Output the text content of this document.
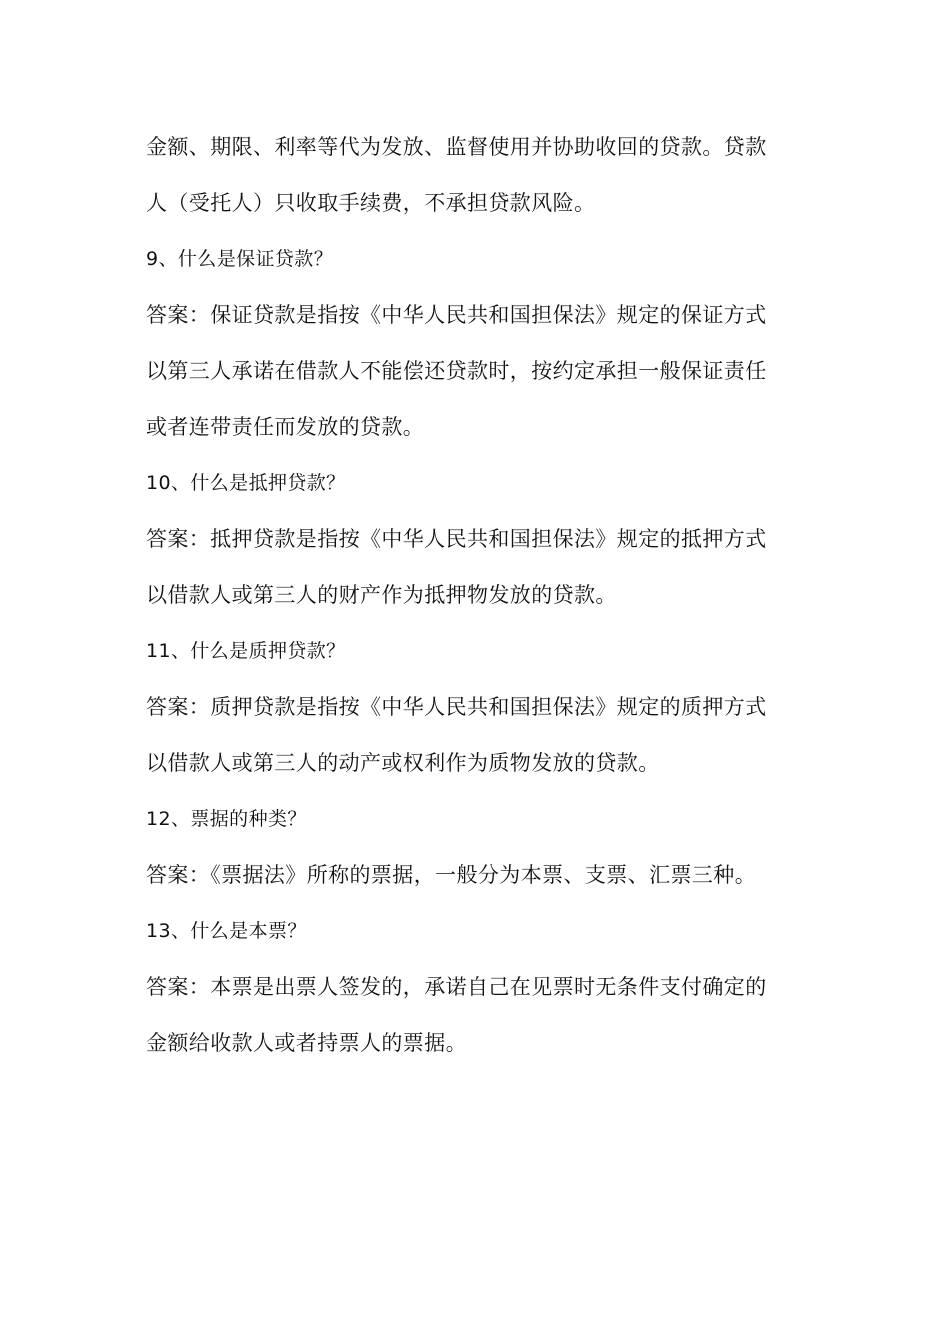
金额、期限、利率等代为发放、监督使用并协助收回的贷款。贷款
人（受托人）只收取手续费，不承担贷款风险。
9、什么是保证贷款？
答案：保证贷款是指按《中华人民共和国担保法》规定的保证方式
以第三人承诺在借款人不能偿还贷款时，按约定承担一般保证责任
或者连带责任而发放的贷款。
10、什么是抵押贷款？
答案：抵押贷款是指按《中华人民共和国担保法》规定的抵押方式
以借款人或第三人的财产作为抵押物发放的贷款。
11、什么是质押贷款？
答案：质押贷款是指按《中华人民共和国担保法》规定的质押方式
以借款人或第三人的动产或权利作为质物发放的贷款。
12、票据的种类？
答案：《票据法》所称的票据，一般分为本票、支票、汇票三种。
13、什么是本票？
答案：本票是出票人签发的，承诺自己在见票时无条件支付确定的
金额给收款人或者持票人的票据。
